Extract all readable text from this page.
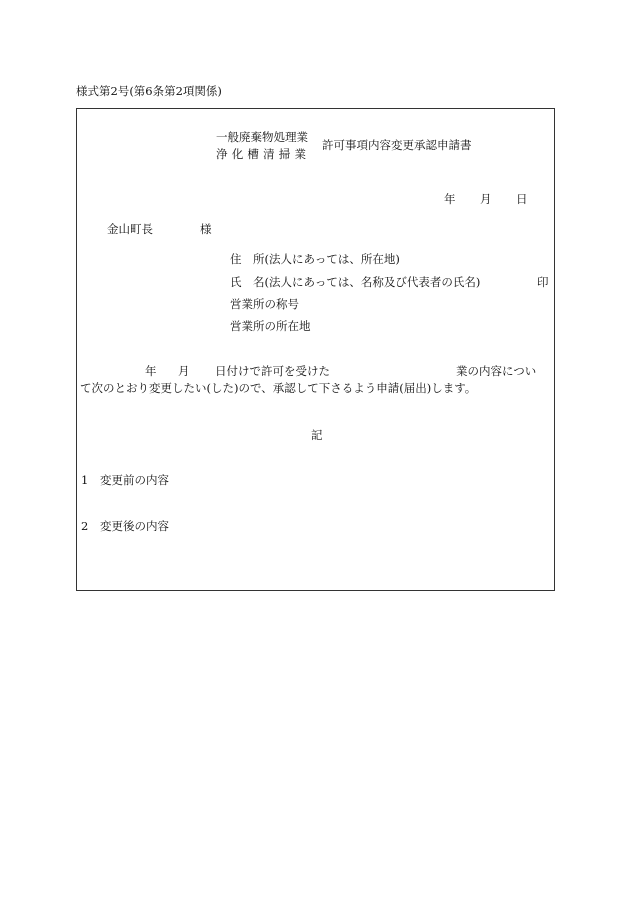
様式第2号(第6条第2項関係)
一般廃棄物処理業
浄化槽清掃業
許可事項内容変更承認申請書
年 月 日
金山町長	様
住　所(法人にあっては、所在地)
氏　名(法人にあっては、名称及び代表者の氏名)	印
営業所の称号
営業所の所在地
年 月 日付けで許可を受けた	業の内容につい
て次のとおり変更したい(した)ので、承認して下さるよう申請(届出)します。
記
1 変更前の内容
2 変更後の内容
